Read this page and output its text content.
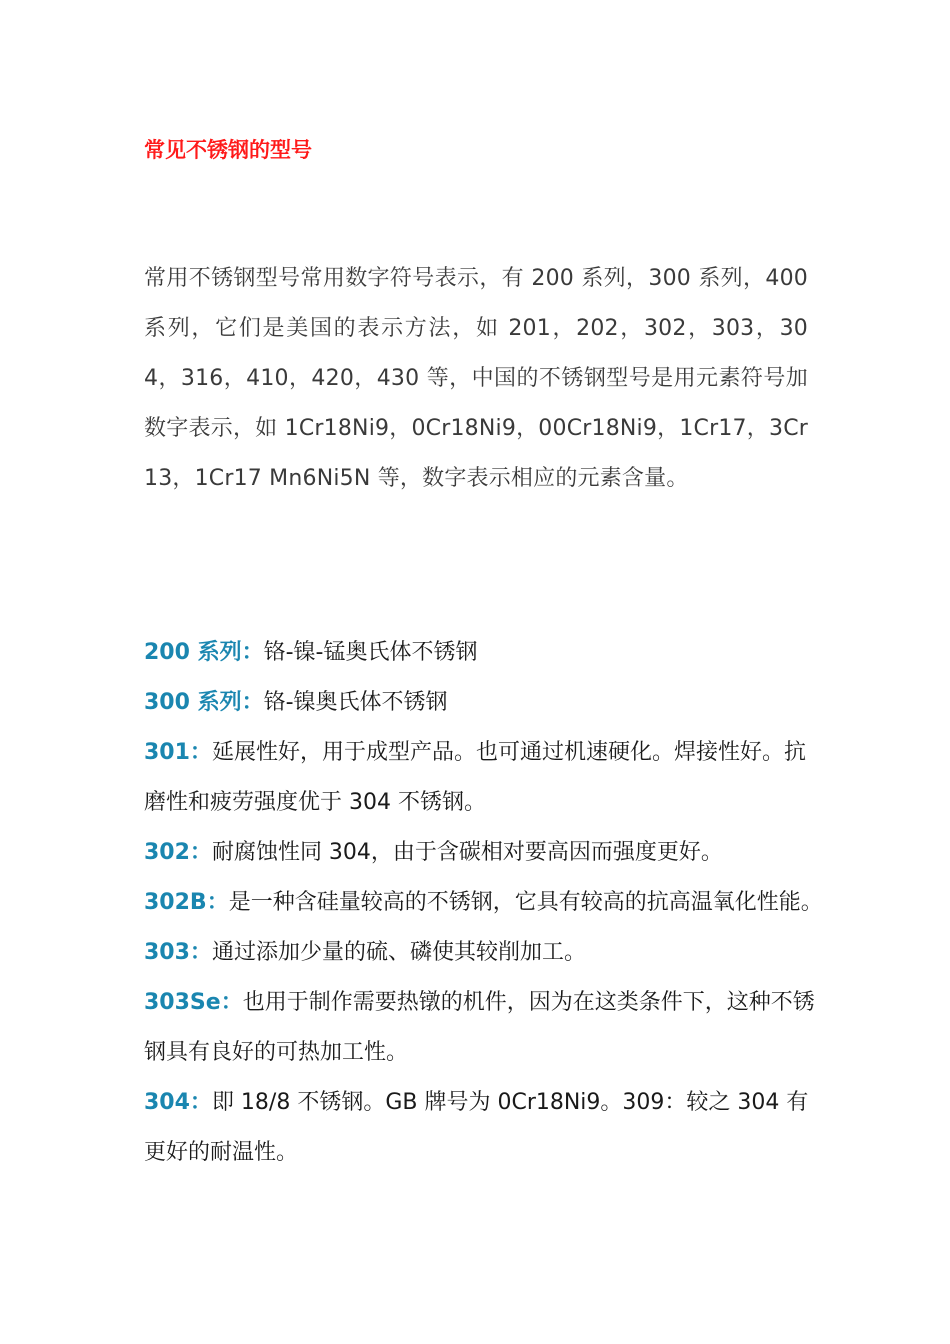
常见不锈钢的型号
常用不锈钢型号常用数字符号表示，有 200 系列，300 系列，400 系列，它们是美国的表示方法，如 201，202，302，303，304，316，410，420，430 等，中国的不锈钢型号是用元素符号加数字表示，如 1Cr18Ni9，0Cr18Ni9，00Cr18Ni9，1Cr17，3Cr13，1Cr17 Mn6Ni5N 等，数字表示相应的元素含量。
200 系列：铬-镍-锰奥氏体不锈钢
300 系列：铬-镍奥氏体不锈钢
301：延展性好，用于成型产品。也可通过机速硬化。焊接性好。抗磨性和疲劳强度优于 304 不锈钢。
302：耐腐蚀性同 304，由于含碳相对要高因而强度更好。
302B：是一种含硅量较高的不锈钢，它具有较高的抗高温氧化性能。
303：通过添加少量的硫、磷使其较削加工。
303Se：也用于制作需要热镦的机件，因为在这类条件下，这种不锈钢具有良好的可热加工性。
304：即 18/8 不锈钢。GB 牌号为 0Cr18Ni9。309：较之 304 有更好的耐温性。
